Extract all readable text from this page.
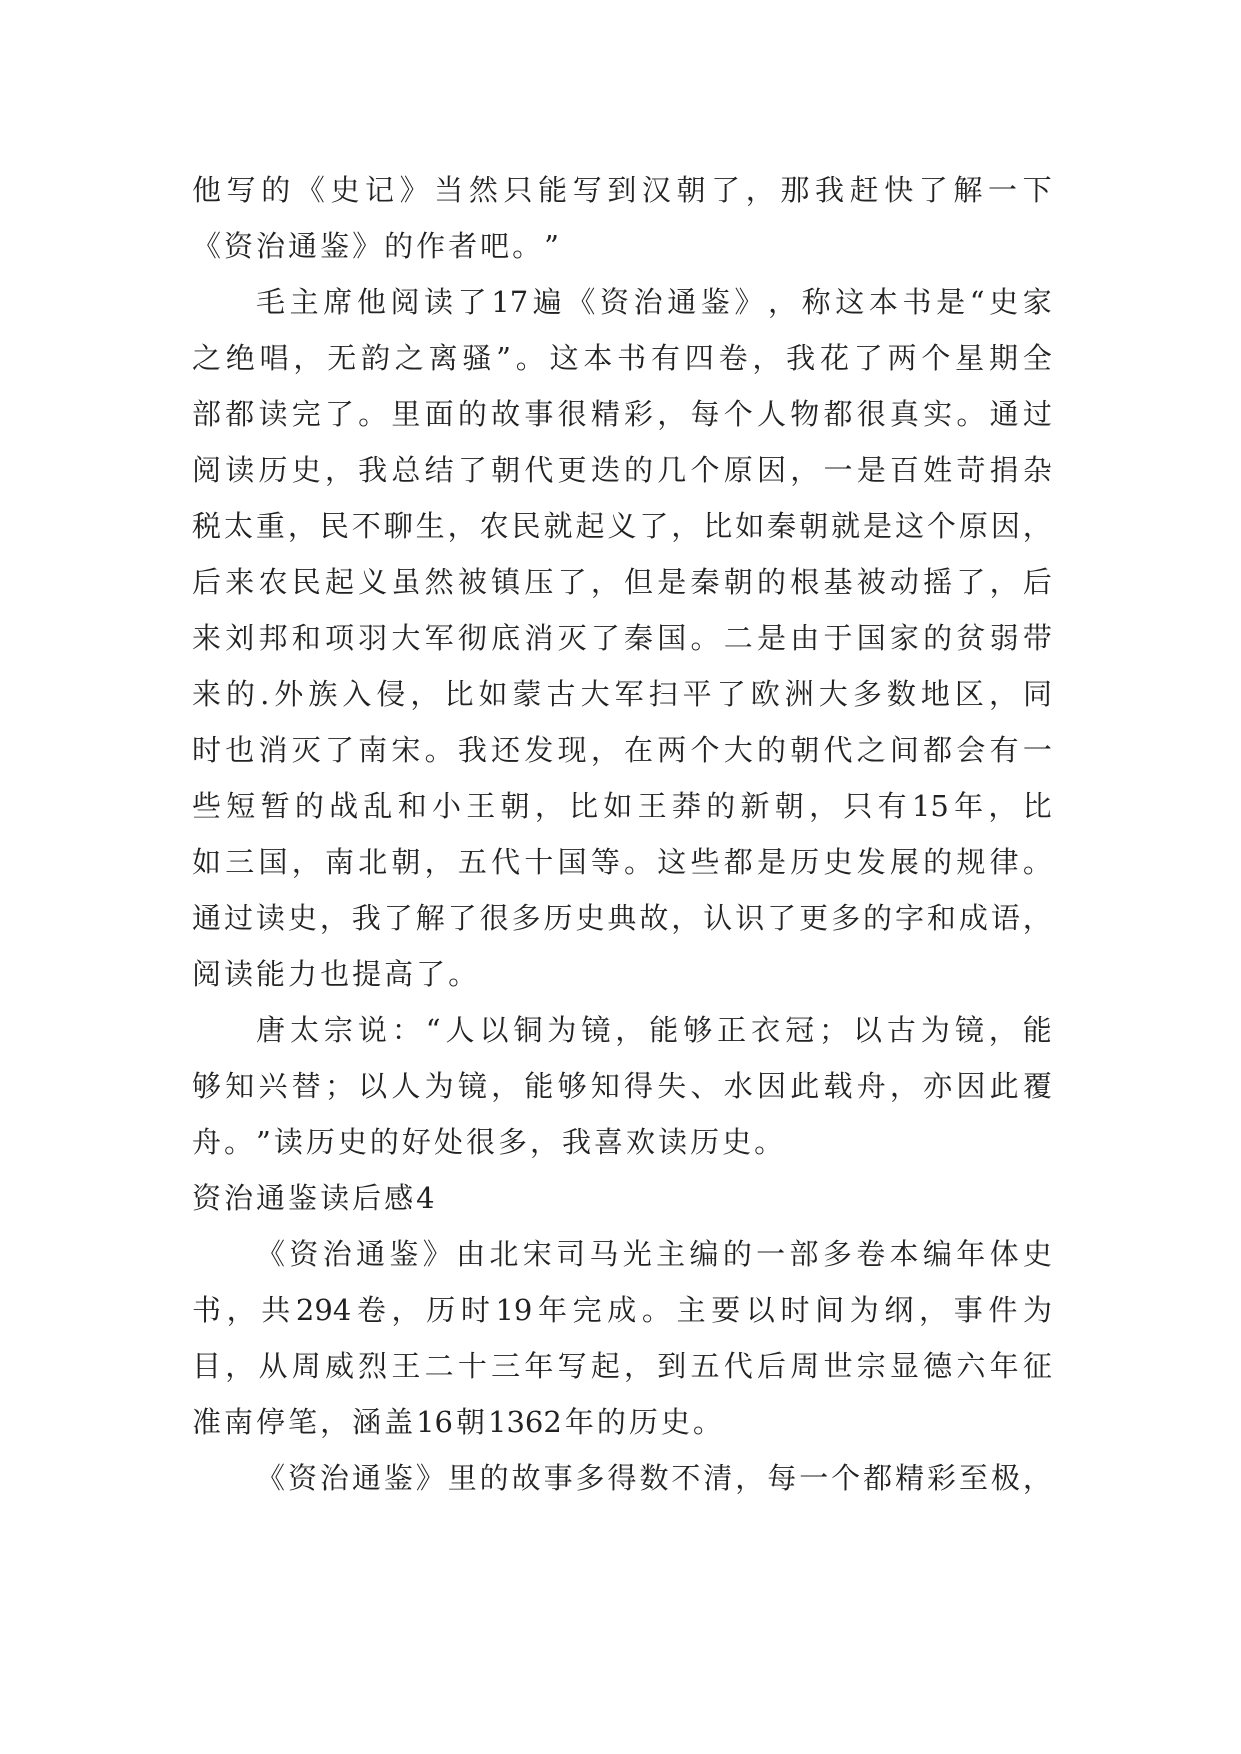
他 写 的 《 史 记 》 当 然 只 能 写 到 汉 朝 了 ， 那 我 赶 快 了 解 一 下
《 资 治 通 鉴 》 的 作 者 吧 。 ”
毛 主 席 他 阅 读 了 17 遍 《 资 治 通 鉴 》 ， 称 这 本 书 是 “ 史 家
之 绝 唱 ， 无 韵 之 离 骚 ” 。 这 本 书 有 四 卷 ， 我 花 了 两 个 星 期 全
部 都 读 完 了 。 里 面 的 故 事 很 精 彩 ， 每 个 人 物 都 很 真 实 。 通 过
阅 读 历 史 ， 我 总 结 了 朝 代 更 迭 的 几 个 原 因 ， 一 是 百 姓 苛 捐 杂
税 太 重 ， 民 不 聊 生 ， 农 民 就 起 义 了 ， 比 如 秦 朝 就 是 这 个 原 因 ，
后 来 农 民 起 义 虽 然 被 镇 压 了 ， 但 是 秦 朝 的 根 基 被 动 摇 了 ， 后
来 刘 邦 和 项 羽 大 军 彻 底 消 灭 了 秦 国 。 二 是 由 于 国 家 的 贫 弱 带
来 的 . 外 族 入 侵 ， 比 如 蒙 古 大 军 扫 平 了 欧 洲 大 多 数 地 区 ， 同
时 也 消 灭 了 南 宋 。 我 还 发 现 ， 在 两 个 大 的 朝 代 之 间 都 会 有 一
些 短 暂 的 战 乱 和 小 王 朝 ， 比 如 王 莽 的 新 朝 ， 只 有 15 年 ， 比
如 三 国 ， 南 北 朝 ， 五 代 十 国 等 。 这 些 都 是 历 史 发 展 的 规 律 。
通 过 读 史 ， 我 了 解 了 很 多 历 史 典 故 ， 认 识 了 更 多 的 字 和 成 语 ，
阅 读 能 力 也 提 高 了 。
唐 太 宗 说 ： “ 人 以 铜 为 镜 ， 能 够 正 衣 冠 ； 以 古 为 镜 ， 能
够 知 兴 替 ； 以 人 为 镜 ， 能 够 知 得 失 、 水 因 此 载 舟 ， 亦 因 此 覆
舟 。 ” 读 历 史 的 好 处 很 多 ， 我 喜 欢 读 历 史 。
资 治 通 鉴 读 后 感 4
《 资 治 通 鉴 》 由 北 宋 司 马 光 主 编 的 一 部 多 卷 本 编 年 体 史
书 ， 共 294 卷 ， 历 时 19 年 完 成 。 主 要 以 时 间 为 纲 ， 事 件 为
目 ， 从 周 威 烈 王 二 十 三 年 写 起 ， 到 五 代 后 周 世 宗 显 德 六 年 征
准 南 停 笔 ， 涵 盖 16 朝 1362 年 的 历 史 。
《 资 治 通 鉴 》 里 的 故 事 多 得 数 不 清 ， 每 一 个 都 精 彩 至 极 ，
